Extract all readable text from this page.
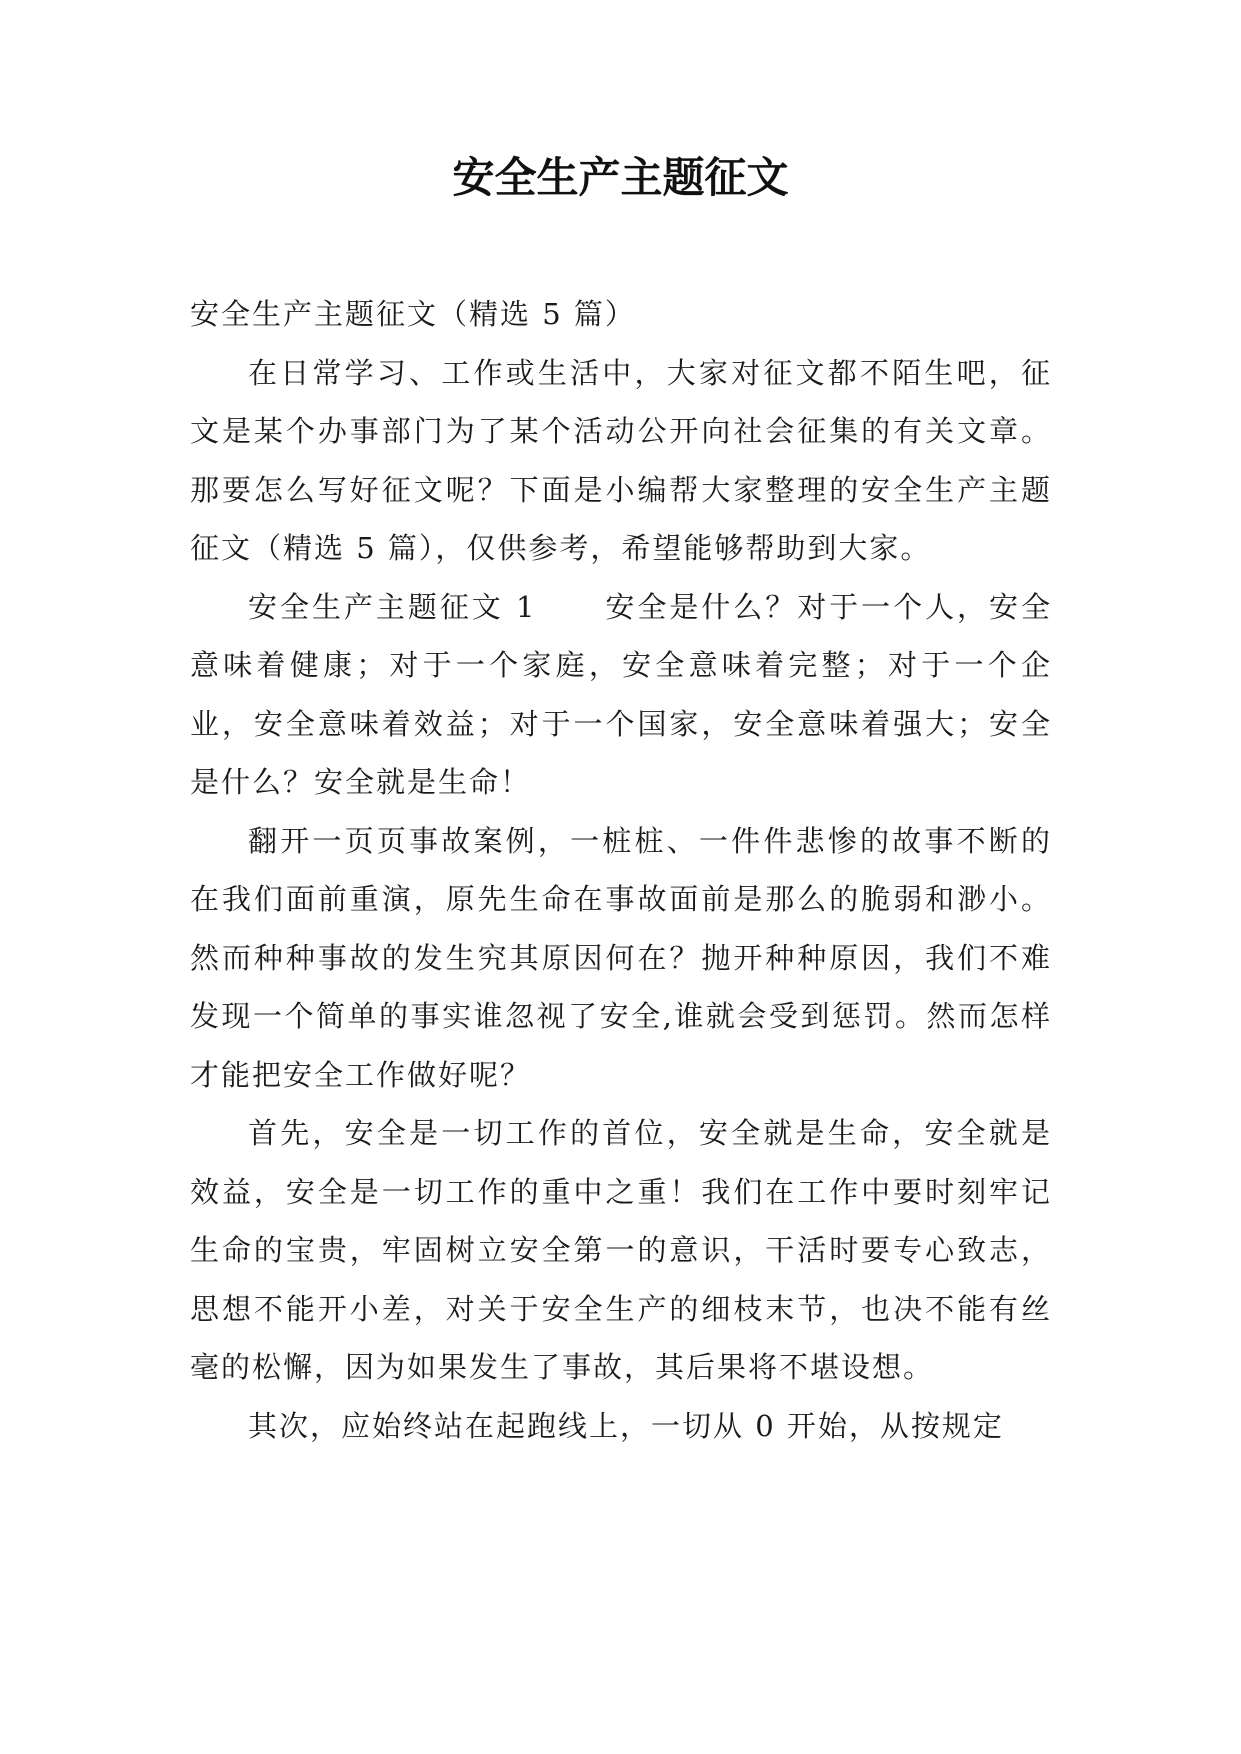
安全生产主题征文

安全生产主题征文（精选 5 篇）

在日常学习、工作或生活中，大家对征文都不陌生吧，征文是某个办事部门为了某个活动公开向社会征集的有关文章。那要怎么写好征文呢？下面是小编帮大家整理的安全生产主题征文（精选 5 篇），仅供参考，希望能够帮助到大家。

安全生产主题征文 1 安全是什么？对于一个人，安全意味着健康；对于一个家庭，安全意味着完整；对于一个企业，安全意味着效益；对于一个国家，安全意味着强大；安全是什么？安全就是生命！

翻开一页页事故案例，一桩桩、一件件悲惨的故事不断的在我们面前重演，原先生命在事故面前是那么的脆弱和渺小。然而种种事故的发生究其原因何在？抛开种种原因，我们不难发现一个简单的事实谁忽视了安全,谁就会受到惩罚。然而怎样才能把安全工作做好呢？

首先，安全是一切工作的首位，安全就是生命，安全就是效益，安全是一切工作的重中之重！我们在工作中要时刻牢记生命的宝贵，牢固树立安全第一的意识，干活时要专心致志，思想不能开小差，对关于安全生产的细枝末节，也决不能有丝毫的松懈，因为如果发生了事故，其后果将不堪设想。

其次，应始终站在起跑线上，一切从 0 开始，从按规定
